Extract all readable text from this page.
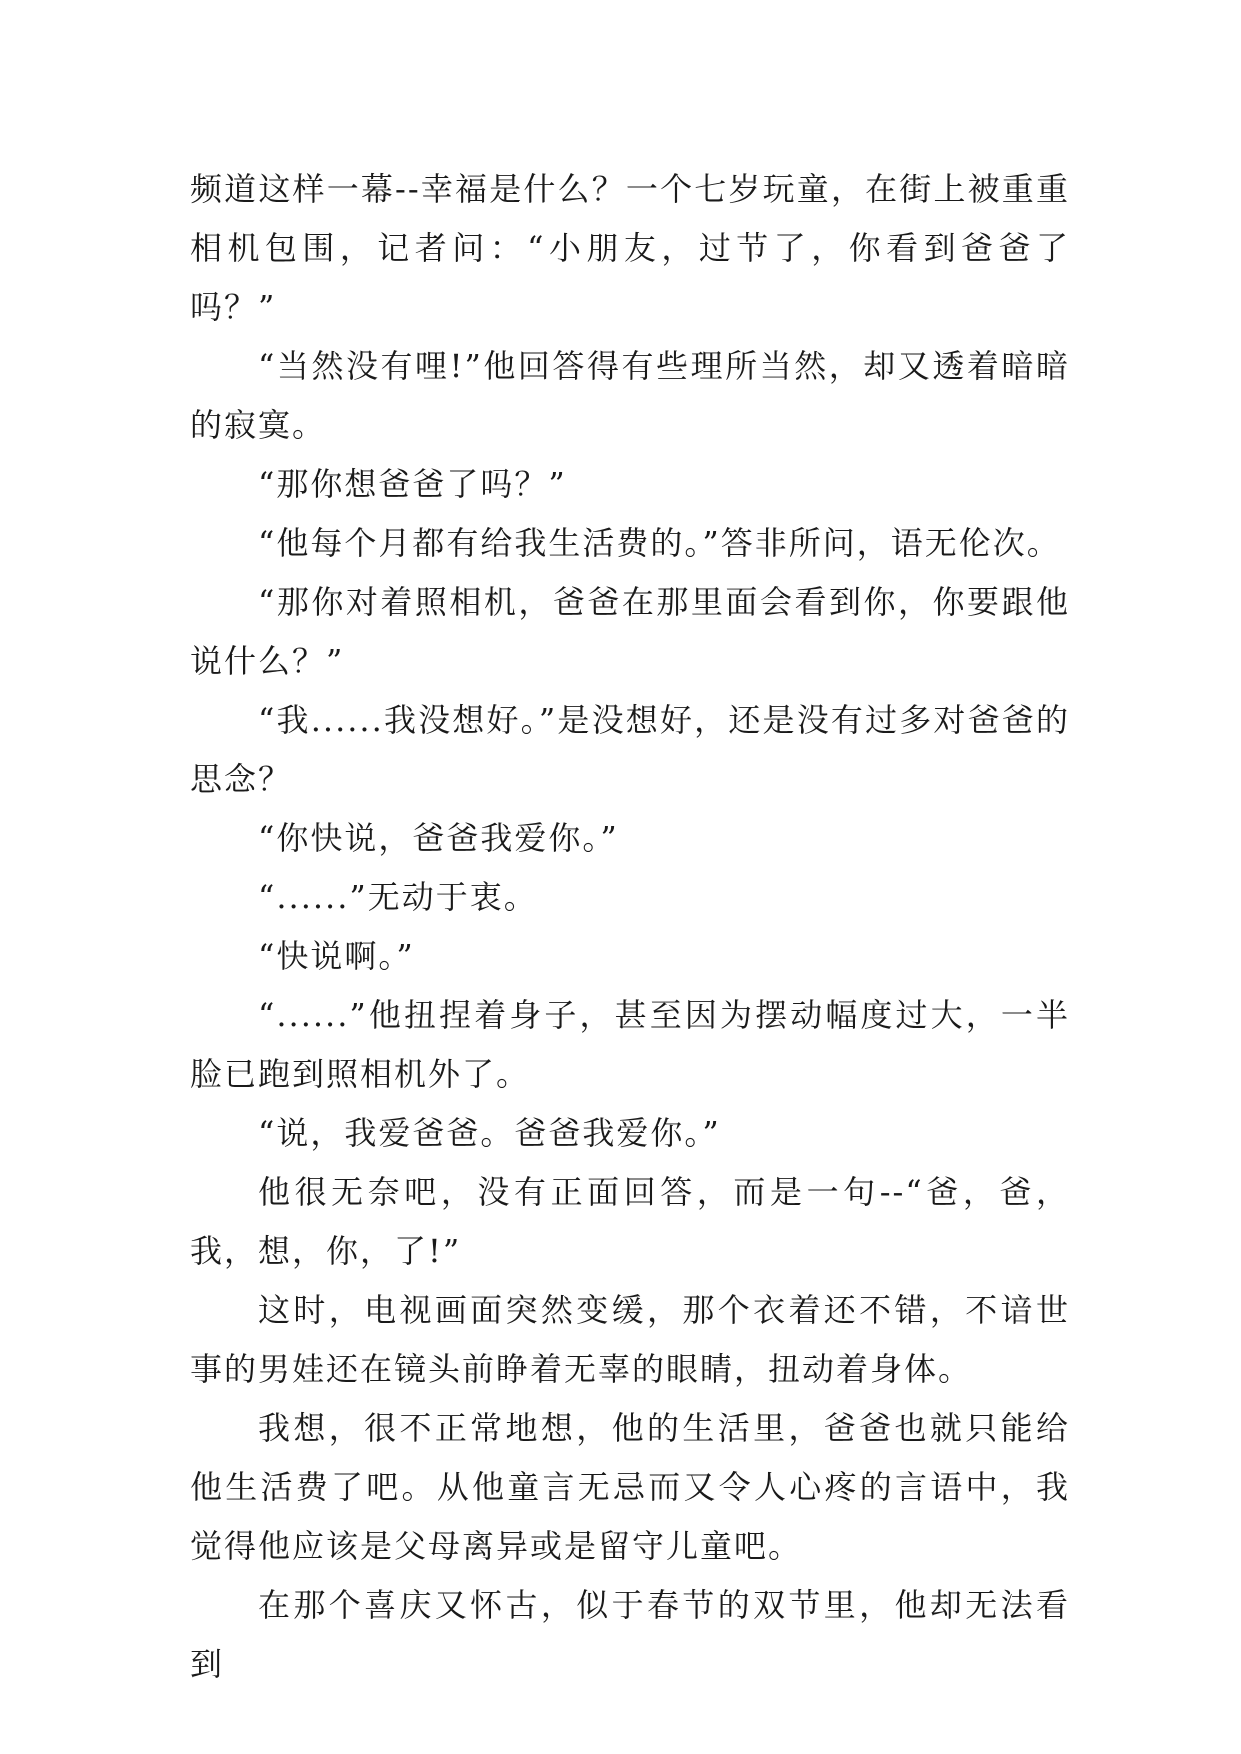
频道这样一幕--幸福是什么？一个七岁玩童，在街上被重重相机包围，记者问：“小朋友，过节了，你看到爸爸了吗？”

“当然没有哩!”他回答得有些理所当然，却又透着暗暗的寂寞。

“那你想爸爸了吗？”

“他每个月都有给我生活费的。”答非所问，语无伦次。

“那你对着照相机，爸爸在那里面会看到你，你要跟他说什么？”

“我......我没想好。”是没想好，还是没有过多对爸爸的思念？

“你快说，爸爸我爱你。”

“......”无动于衷。

“快说啊。”

“......”他扭捏着身子，甚至因为摆动幅度过大，一半脸已跑到照相机外了。

“说，我爱爸爸。爸爸我爱你。”

他很无奈吧，没有正面回答，而是一句--“爸，爸，我，想，你，了!”

这时，电视画面突然变缓，那个衣着还不错，不谙世事的男娃还在镜头前睁着无辜的眼睛，扭动着身体。

我想，很不正常地想，他的生活里，爸爸也就只能给他生活费了吧。从他童言无忌而又令人心疼的言语中，我觉得他应该是父母离异或是留守儿童吧。

在那个喜庆又怀古，似于春节的双节里，他却无法看到
